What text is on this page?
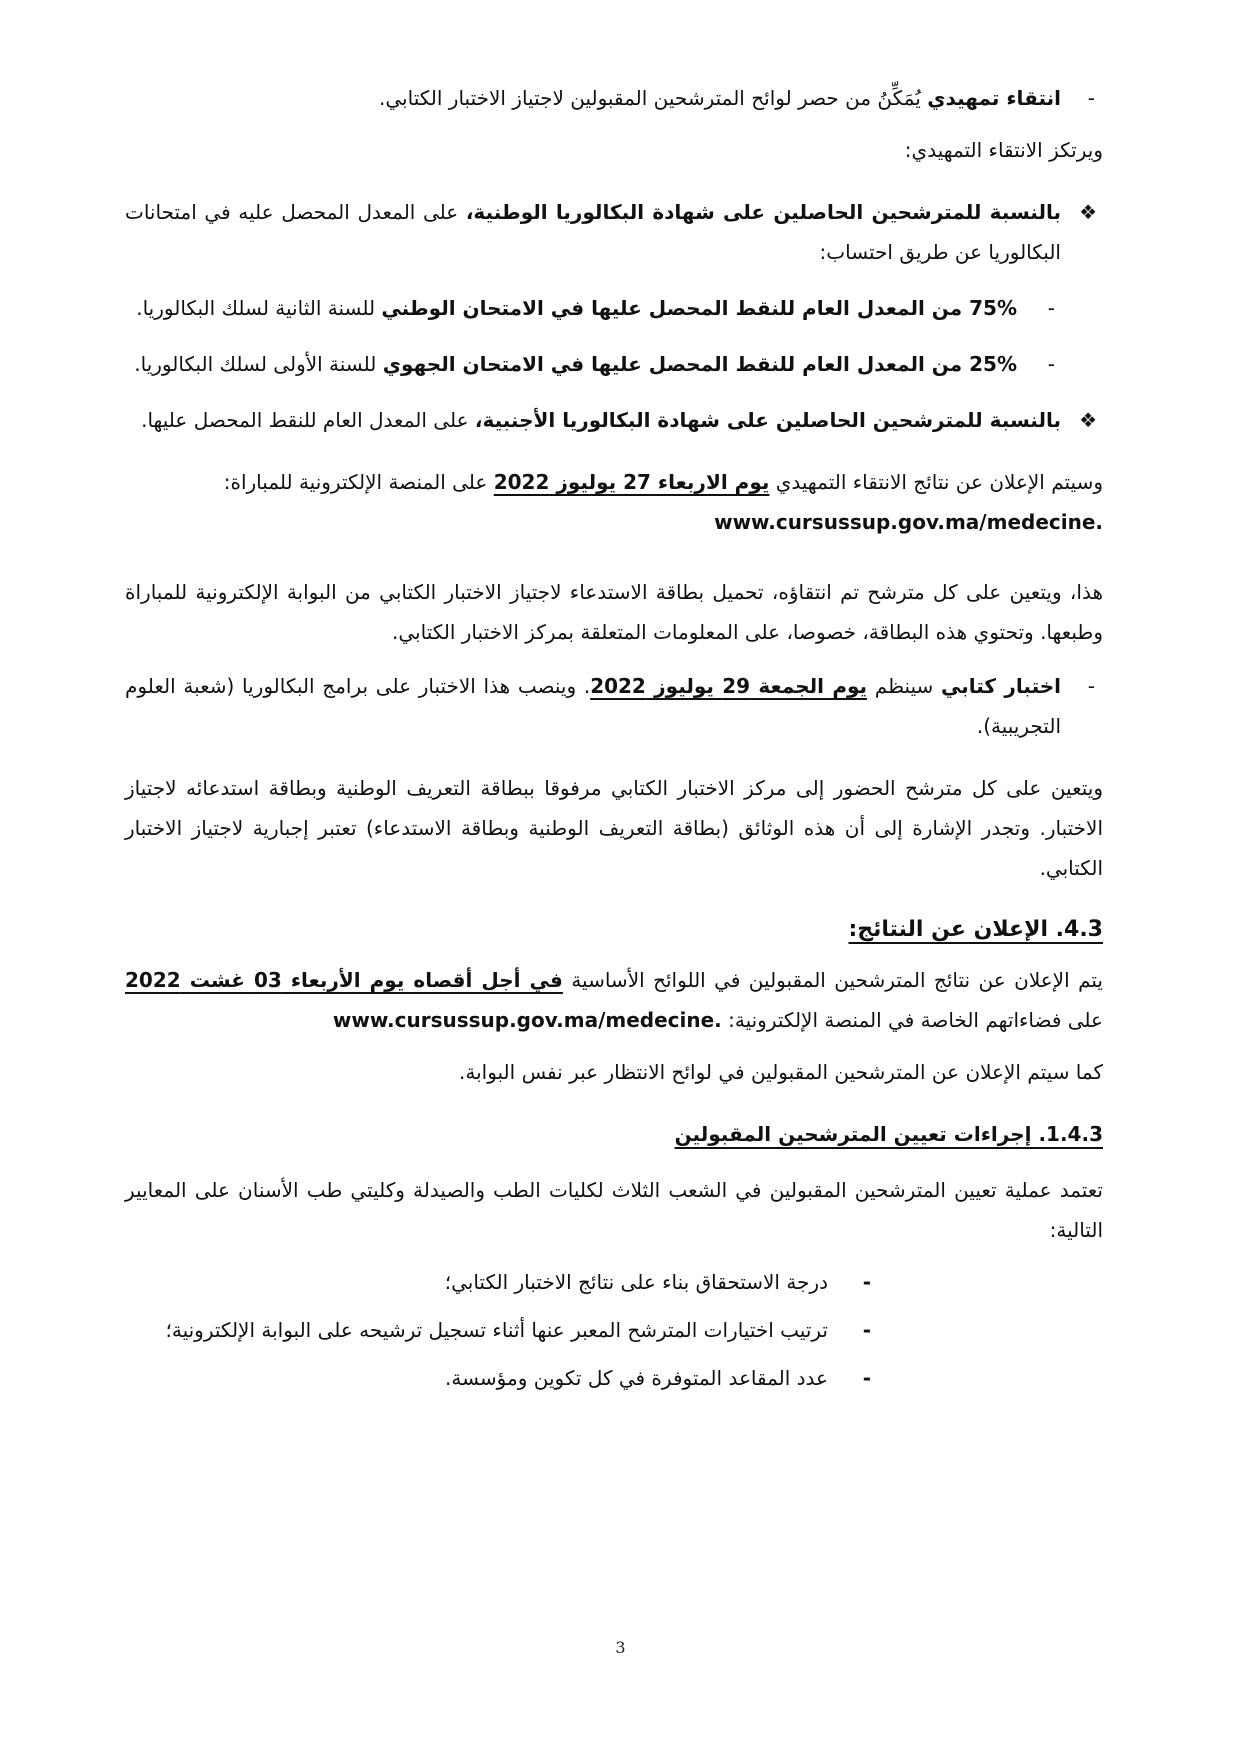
-
انتقاء تمهيدي يُمَكِّنُ من حصر لوائح المترشحين المقبولين لاجتياز الاختبار الكتابي.

ويرتكز الانتقاء التمهيدي:

❖
بالنسبة للمترشحين الحاصلين على شهادة البكالوريا الوطنية، على المعدل المحصل عليه في امتحانات البكالوريا عن طريق احتساب:

-
75% من المعدل العام للنقط المحصل عليها في الامتحان الوطني للسنة الثانية لسلك البكالوريا.

-
25% من المعدل العام للنقط المحصل عليها في الامتحان الجهوي للسنة الأولى لسلك البكالوريا.

❖
بالنسبة للمترشحين الحاصلين على شهادة البكالوريا الأجنبية، على المعدل العام للنقط المحصل عليها.

وسيتم الإعلان عن نتائج الانتقاء التمهيدي يوم الاربعاء 27 يوليوز 2022 على المنصة الإلكترونية للمباراة:
www.cursussup.gov.ma/medecine.

هذا، ويتعين على كل مترشح تم انتقاؤه، تحميل بطاقة الاستدعاء لاجتياز الاختبار الكتابي من البوابة الإلكترونية للمباراة وطبعها. وتحتوي هذه البطاقة، خصوصا، على المعلومات المتعلقة بمركز الاختبار الكتابي.

-
اختبار كتابي سينظم يوم الجمعة 29 يوليوز 2022. وينصب هذا الاختبار على برامج البكالوريا (شعبة العلوم التجريبية).

ويتعين على كل مترشح الحضور إلى مركز الاختبار الكتابي مرفوقا ببطاقة التعريف الوطنية وبطاقة استدعائه لاجتياز الاختبار. وتجدر الإشارة إلى أن هذه الوثائق (بطاقة التعريف الوطنية وبطاقة الاستدعاء) تعتبر إجبارية لاجتياز الاختبار الكتابي.

4.3. الإعلان عن النتائج:

يتم الإعلان عن نتائج المترشحين المقبولين في اللوائح الأساسية في أجل أقصاه يوم الأربعاء 03 غشت 2022 على فضاءاتهم الخاصة في المنصة الإلكترونية: www.cursussup.gov.ma/medecine.

كما سيتم الإعلان عن المترشحين المقبولين في لوائح الانتظار عبر نفس البوابة.

1.4.3. إجراءات تعيين المترشحين المقبولين

تعتمد عملية تعيين المترشحين المقبولين في الشعب الثلاث لكليات الطب والصيدلة وكليتي طب الأسنان على المعايير التالية:

-
درجة الاستحقاق بناء على نتائج الاختبار الكتابي؛
-
ترتيب اختيارات المترشح المعبر عنها أثناء تسجيل ترشيحه على البوابة الإلكترونية؛
-
عدد المقاعد المتوفرة في كل تكوين ومؤسسة.
3
